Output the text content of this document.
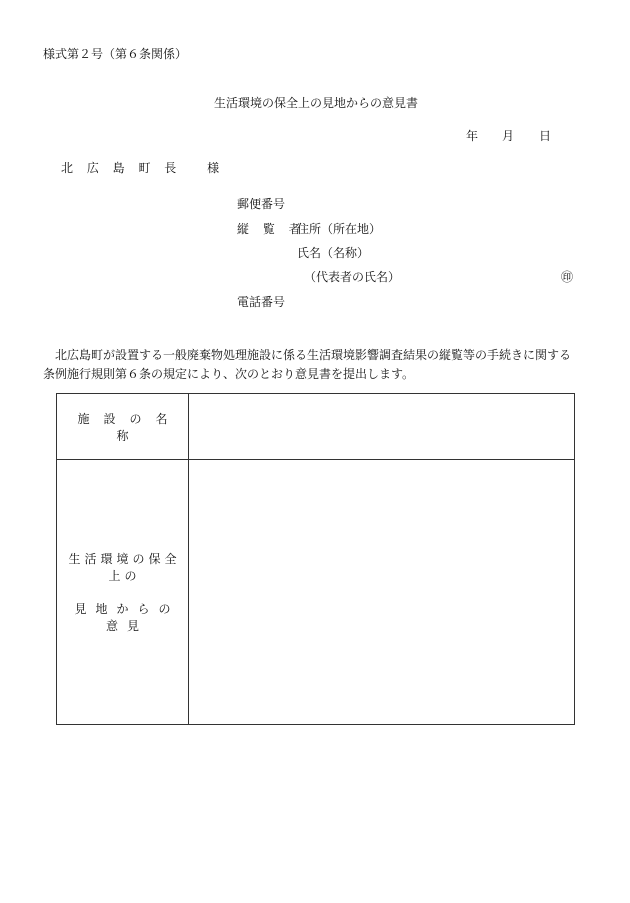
様式第２号（第６条関係）
生活環境の保全上の見地からの意見書
年 月 日
北 広 島 町 長　 様
郵便番号
縦 覧 者
住所（所在地）
氏名（名称）
（代表者の氏名）	㊞
電話番号
北広島町が設置する一般廃棄物処理施設に係る生活環境影響調査結果の縦覧等の手続きに関する
条例施行規則第６条の規定により、次のとおり意見書を提出します。
施設の名称	

生活環境の保全上の
見地からの意見	
